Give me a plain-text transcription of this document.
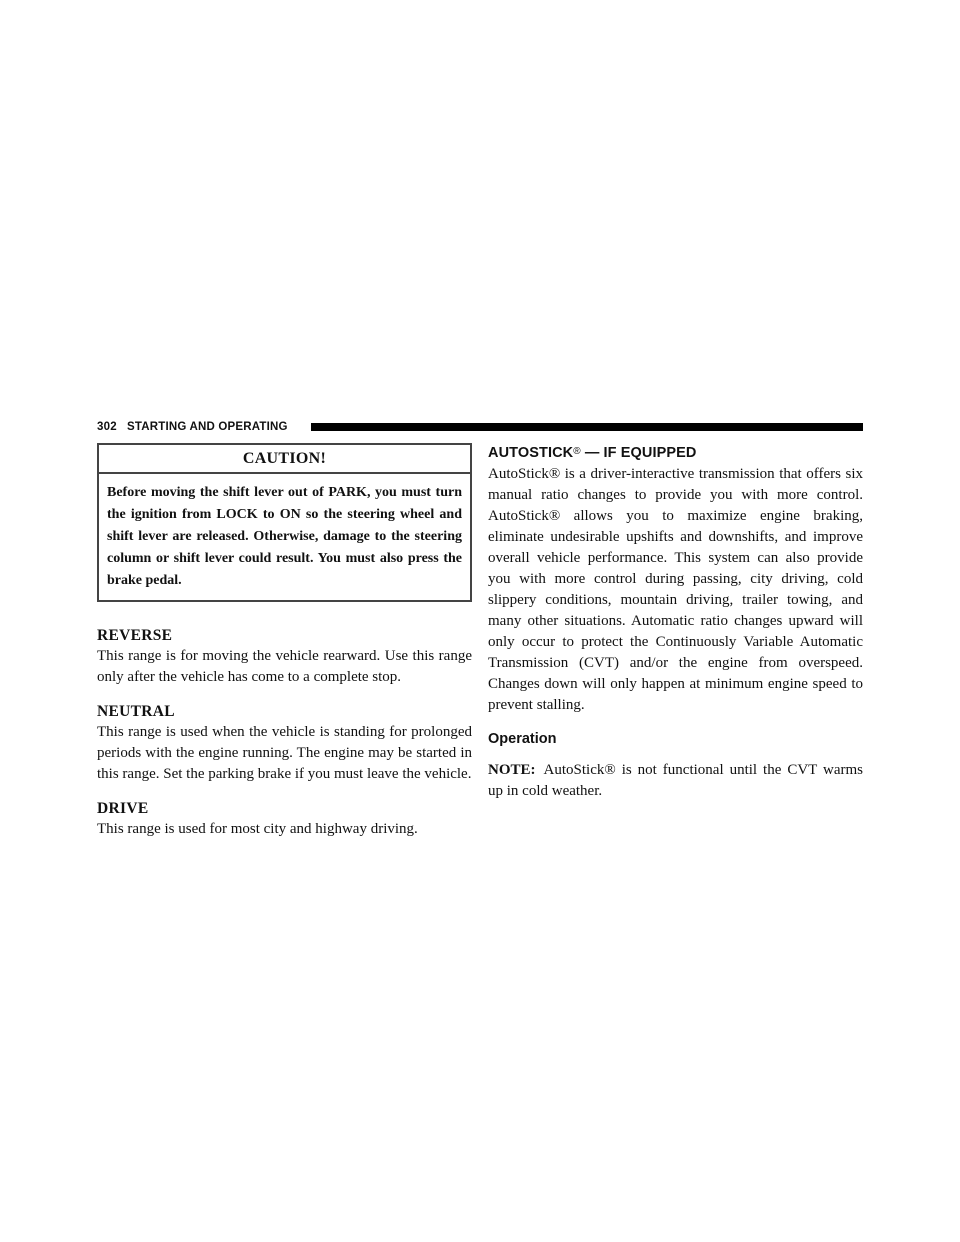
302 STARTING AND OPERATING
CAUTION!
Before moving the shift lever out of PARK, you must turn the ignition from LOCK to ON so the steering wheel and shift lever are released. Otherwise, damage to the steering column or shift lever could result. You must also press the brake pedal.
REVERSE
This range is for moving the vehicle rearward. Use this range only after the vehicle has come to a complete stop.
NEUTRAL
This range is used when the vehicle is standing for prolonged periods with the engine running. The engine may be started in this range. Set the parking brake if you must leave the vehicle.
DRIVE
This range is used for most city and highway driving.
AUTOSTICK® — IF EQUIPPED
AutoStick® is a driver-interactive transmission that offers six manual ratio changes to provide you with more control. AutoStick® allows you to maximize engine braking, eliminate undesirable upshifts and downshifts, and improve overall vehicle performance. This system can also provide you with more control during passing, city driving, cold slippery conditions, mountain driving, trailer towing, and many other situations. Automatic ratio changes upward will only occur to protect the Continuously Variable Automatic Transmission (CVT) and/or the engine from overspeed. Changes down will only happen at minimum engine speed to prevent stalling.
Operation
NOTE: AutoStick® is not functional until the CVT warms up in cold weather.
